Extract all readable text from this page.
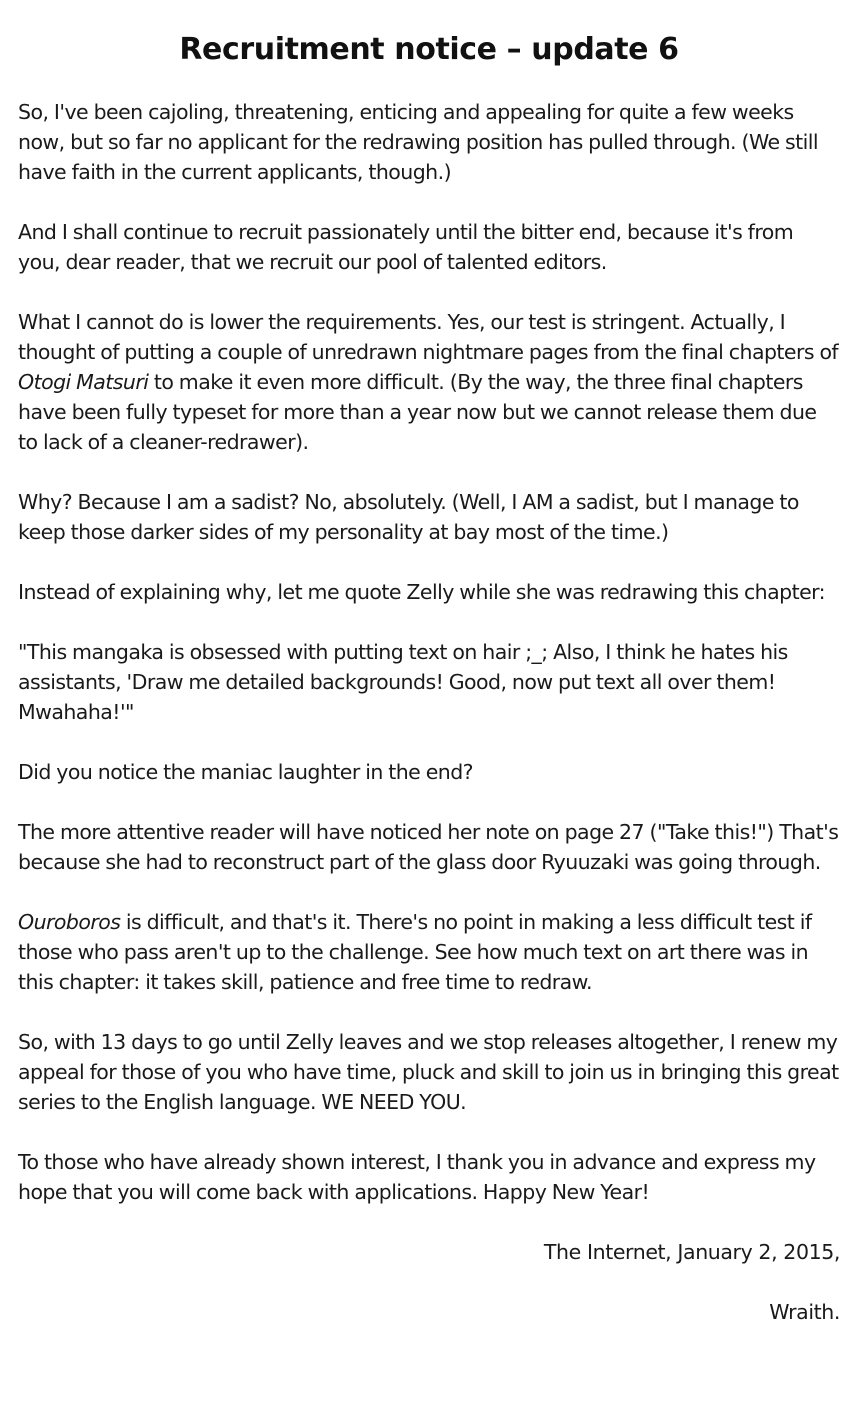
Recruitment notice – update 6

So, I've been cajoling, threatening, enticing and appealing for quite a few weeks now, but so far no applicant for the redrawing position has pulled through. (We still have faith in the current applicants, though.)

And I shall continue to recruit passionately until the bitter end, because it's from you, dear reader, that we recruit our pool of talented editors.

What I cannot do is lower the requirements. Yes, our test is stringent. Actually, I thought of putting a couple of unredrawn nightmare pages from the final chapters of Otogi Matsuri to make it even more difficult. (By the way, the three final chapters have been fully typeset for more than a year now but we cannot release them due to lack of a cleaner-redrawer).

Why? Because I am a sadist? No, absolutely. (Well, I AM a sadist, but I manage to keep those darker sides of my personality at bay most of the time.)

Instead of explaining why, let me quote Zelly while she was redrawing this chapter:

"This mangaka is obsessed with putting text on hair ;_; Also, I think he hates his assistants, 'Draw me detailed backgrounds! Good, now put text all over them! Mwahaha!'"

Did you notice the maniac laughter in the end?

The more attentive reader will have noticed her note on page 27 ("Take this!") That's because she had to reconstruct part of the glass door Ryuuzaki was going through.

Ouroboros is difficult, and that's it. There's no point in making a less difficult test if those who pass aren't up to the challenge. See how much text on art there was in this chapter: it takes skill, patience and free time to redraw.

So, with 13 days to go until Zelly leaves and we stop releases altogether, I renew my appeal for those of you who have time, pluck and skill to join us in bringing this great series to the English language. WE NEED YOU.

To those who have already shown interest, I thank you in advance and express my hope that you will come back with applications. Happy New Year!

The Internet, January 2, 2015,

Wraith.
